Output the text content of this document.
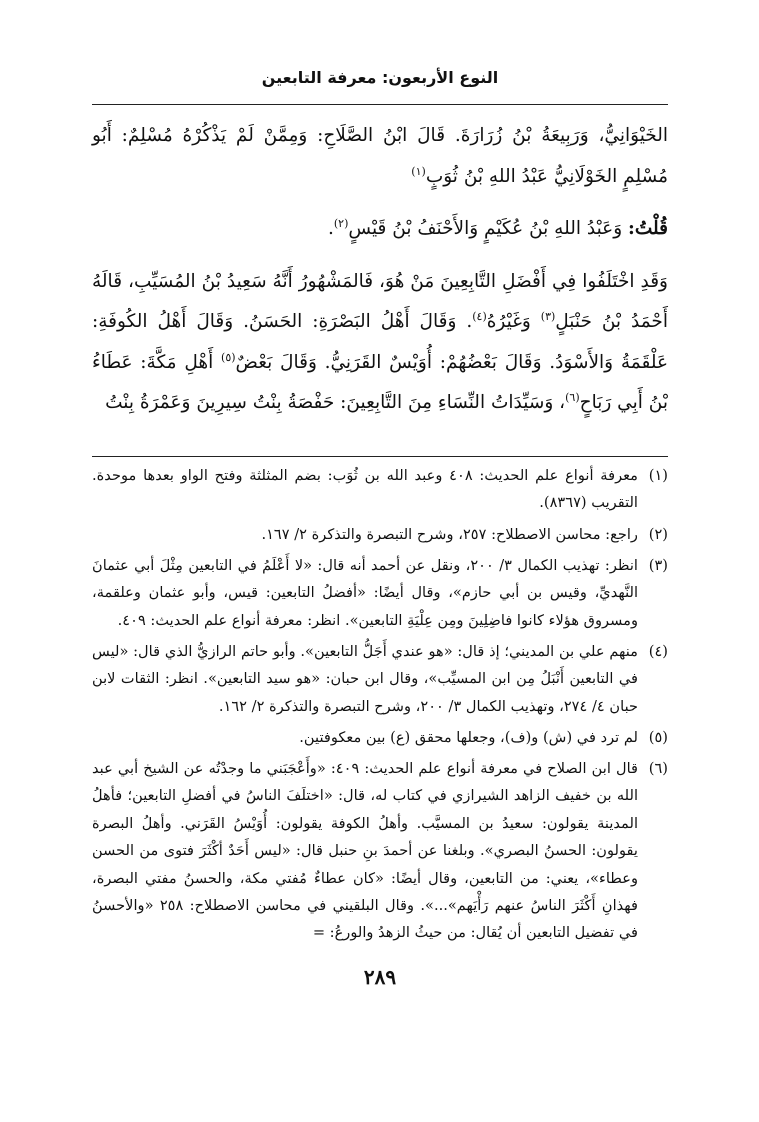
النوع الأربعون: معرفة التابعين

الخَيْوَانِيُّ، وَرَبِيعَةُ بْنُ زُرَارَةَ. قَالَ ابْنُ الصَّلَاحِ: وَمِمَّنْ لَمْ يَذْكُرْهُ مُسْلِمٌ: أَبُو مُسْلِمٍ الخَوْلَانِيُّ عَبْدُ اللهِ بْنُ ثُوَبٍ$^{(١)}$

قُلْتُ: وَعَبْدُ اللهِ بْنُ عُكَيْمٍ وَالأَحْنَفُ بْنُ قَيْسٍ$^{(٢)}$.

وَقَدِ اخْتَلَفُوا فِي أَفْضَلِ التَّابِعِينَ مَنْ هُوَ، فَالمَشْهُورُ أَنَّهُ سَعِيدُ بْنُ المُسَيِّبِ، قَالَهُ أَحْمَدُ بْنُ حَنْبَلٍ$^{(٣)}$ وَغَيْرُهُ$^{(٤)}$. وَقَالَ أَهْلُ البَصْرَةِ: الحَسَنُ. وَقَالَ أَهْلُ الكُوفَةِ: عَلْقَمَةُ وَالأَسْوَدُ. وَقَالَ بَعْضُهُمْ: أُوَيْسٌ القَرَنِيُّ. وَقَالَ بَعْضٌ$^{(٥)}$ أَهْلِ مَكَّةَ: عَطَاءُ بْنُ أَبِي رَبَاحٍ$^{(٦)}$، وَسَيِّدَاتُ النِّسَاءِ مِنَ التَّابِعِينَ: حَفْصَةُ بِنْتُ سِيرِينَ وَعَمْرَةُ بِنْتُ

(١)

معرفة أنواع علم الحديث: ٤٠٨ وعبد الله بن ثُوَب: بضم المثلثة وفتح الواو بعدها موحدة. التقريب (٨٣٦٧).

(٢)

راجع: محاسن الاصطلاح: ٢٥٧، وشرح التبصرة والتذكرة ٢/ ١٦٧.

(٣)

انظر: تهذيب الكمال ٣/ ٢٠٠، ونقل عن أحمد أنه قال: «لا أَعْلَمُ في التابعين مِثْلَ أبي عثمانَ النَّهديِّ، وقيس بن أبي حازم»، وقال أيضًا: «أفضلُ التابعين: قيس، وأبو عثمان وعلقمة، ومسروق هؤلاء كانوا فاضِلِينَ ومِن عِلْيَةِ التابعين». انظر: معرفة أنواع علم الحديث: ٤٠٩.

(٤)

منهم علي بن المديني؛ إذ قال: «هو عندي أَجَلُّ التابعين». وأبو حاتم الرازيُّ الذي قال: «ليس في التابعين أَنْبَلُ مِن ابن المسيِّب»، وقال ابن حبان: «هو سيد التابعين». انظر: الثقات لابن حبان ٤/ ٢٧٤، وتهذيب الكمال ٣/ ٢٠٠، وشرح التبصرة والتذكرة ٢/ ١٦٢.

(٥)

لم ترد في (ش) و(ف)، وجعلها محقق (ع) بين معكوفتين.

(٦)

قال ابن الصلاح في معرفة أنواع علم الحديث: ٤٠٩: «وأَعْجَبَني ما وجدْتُه عن الشيخ أبي عبد الله بن خفيف الزاهد الشيرازي في كتاب له، قال: «اختلَفَ الناسُ في أفضلِ التابعين؛ فأهلُ المدينة يقولون: سعيدُ بن المسيَّب. وأهلُ الكوفة يقولون: أُوَيْسُ القَرَني. وأهلُ البصرة يقولون: الحسنُ البصري». وبلغنا عن أحمدَ بنِ حنبل قال: «ليس أَحَدٌ أكْثَرَ فتوى من الحسن وعطاء»، يعني: من التابعين، وقال أيضًا: «كان عطاءٌ مُفتي مكة، والحسنُ مفتي البصرة، فهذانِ أَكْثَرَ الناسُ عنهم رَأْيَهم»...». وقال البلقيني في محاسن الاصطلاح: ٢٥٨ «والأحسنُ في تفضيل التابعين أن يُقال: من حيثُ الزهدُ والورعُ: =

٢٨٩
